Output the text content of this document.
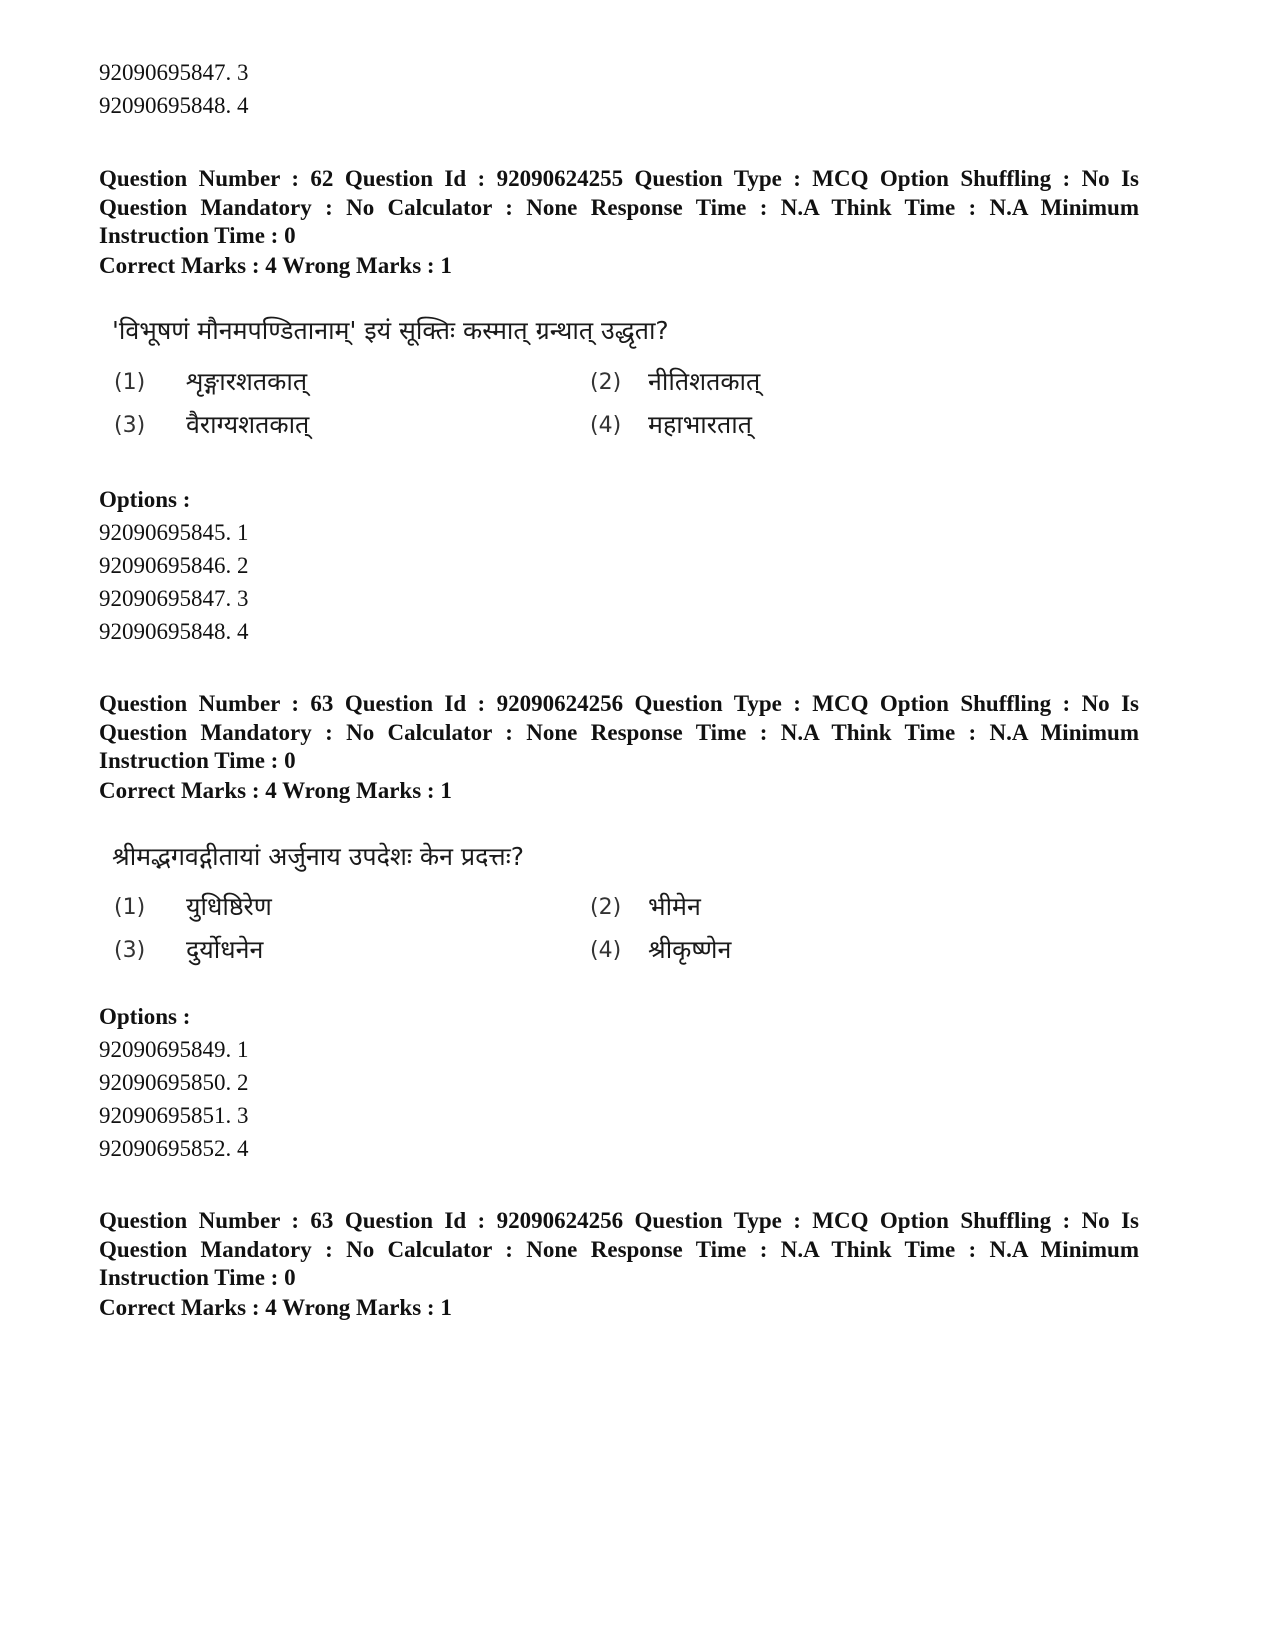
92090695847. 3
92090695848. 4
Question Number : 62 Question Id : 92090624255 Question Type : MCQ Option Shuffling : No Is Question Mandatory : No Calculator : None Response Time : N.A Think Time : N.A Minimum Instruction Time : 0
Correct Marks : 4 Wrong Marks : 1
'विभूषणं मौनमपण्डितानाम्' इयं सूक्तिः कस्मात् ग्रन्थात् उद्धृता?
(1) शृङ्गारशतकात्	(2) नीतिशतकात्
(3) वैराग्यशतकात्	(4) महाभारतात्
Options :
92090695845. 1
92090695846. 2
92090695847. 3
92090695848. 4
Question Number : 63 Question Id : 92090624256 Question Type : MCQ Option Shuffling : No Is Question Mandatory : No Calculator : None Response Time : N.A Think Time : N.A Minimum Instruction Time : 0
Correct Marks : 4 Wrong Marks : 1
श्रीमद्भगवद्गीतायां अर्जुनाय उपदेशः केन प्रदत्तः?
(1) युधिष्ठिरेण	(2) भीमेन
(3) दुर्योधनेन	(4) श्रीकृष्णेन
Options :
92090695849. 1
92090695850. 2
92090695851. 3
92090695852. 4
Question Number : 63 Question Id : 92090624256 Question Type : MCQ Option Shuffling : No Is Question Mandatory : No Calculator : None Response Time : N.A Think Time : N.A Minimum Instruction Time : 0
Correct Marks : 4 Wrong Marks : 1
